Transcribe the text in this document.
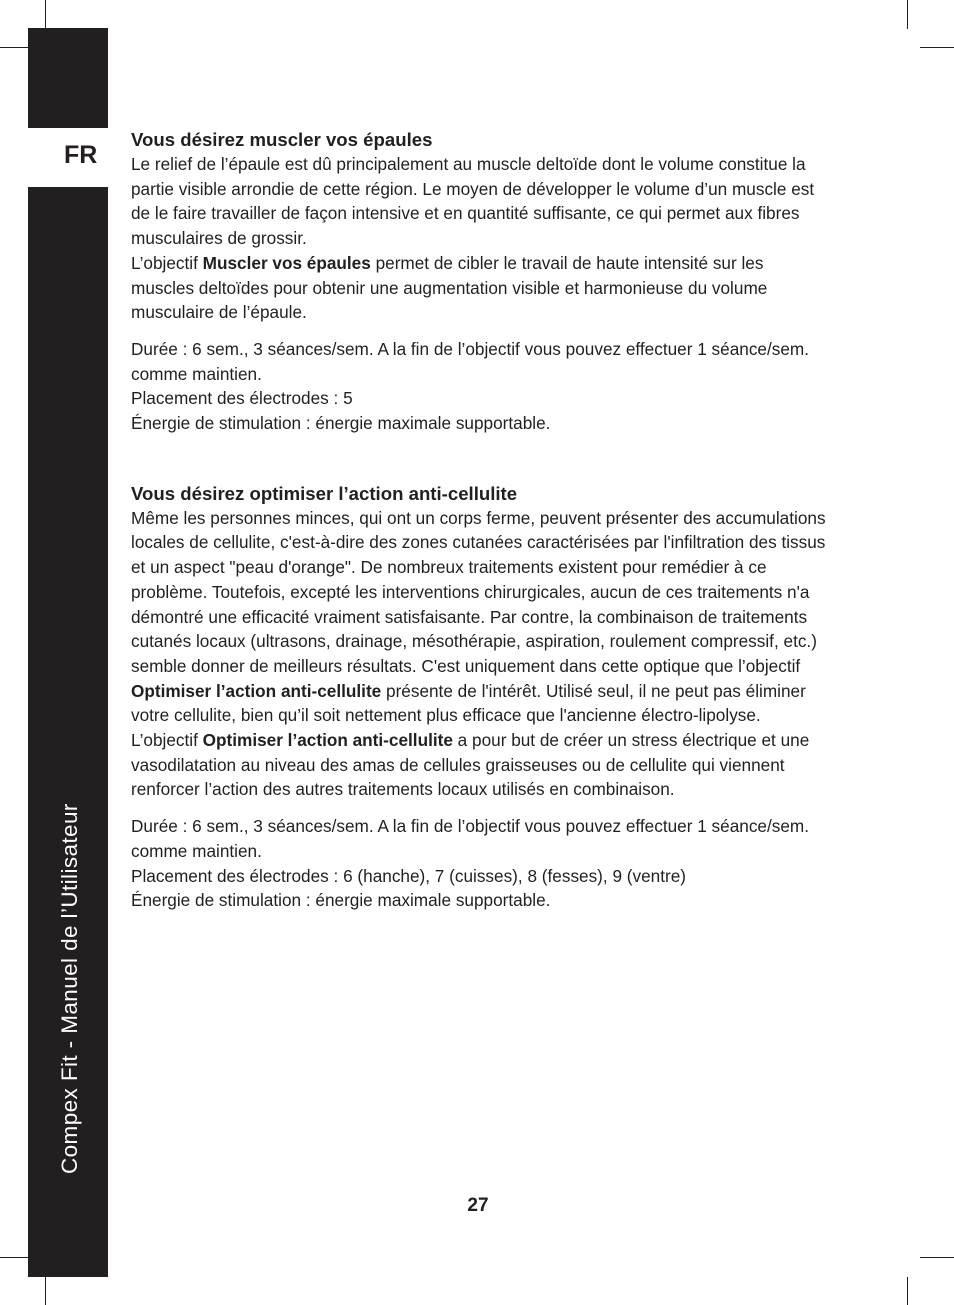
FR
Compex Fit - Manuel de l’Utilisateur
Vous désirez muscler vos épaules

Le relief de l’épaule est dû principalement au muscle deltoïde dont le volume constitue la partie visible arrondie de cette région. Le moyen de développer le volume d’un muscle est de le faire travailler de façon intensive et en quantité suffisante, ce qui permet aux fibres musculaires de grossir.
L’objectif Muscler vos épaules permet de cibler le travail de haute intensité sur les muscles deltoïdes pour obtenir une augmentation visible et harmonieuse du volume musculaire de l’épaule.

Durée : 6 sem., 3 séances/sem. A la fin de l’objectif vous pouvez effectuer 1 séance/sem. comme maintien.
Placement des électrodes : 5
Énergie de stimulation : énergie maximale supportable.

Vous désirez optimiser l’action anti-cellulite

Même les personnes minces, qui ont un corps ferme, peuvent présenter des accumulations locales de cellulite, c'est-à-dire des zones cutanées caractérisées par l'infiltration des tissus et un aspect "peau d'orange". De nombreux traitements existent pour remédier à ce problème. Toutefois, excepté les interventions chirurgicales, aucun de ces traitements n'a démontré une efficacité vraiment satisfaisante. Par contre, la combinaison de traitements cutanés locaux (ultrasons, drainage, mésothérapie, aspiration, roulement compressif, etc.) semble donner de meilleurs résultats. C'est uniquement dans cette optique que l’objectif Optimiser l’action anti-cellulite présente de l'intérêt. Utilisé seul, il ne peut pas éliminer votre cellulite, bien qu’il soit nettement plus efficace que l'ancienne électro-lipolyse.
L’objectif Optimiser l’action anti-cellulite a pour but de créer un stress électrique et une vasodilatation au niveau des amas de cellules graisseuses ou de cellulite qui viennent renforcer l’action des autres traitements locaux utilisés en combinaison.

Durée : 6 sem., 3 séances/sem. A la fin de l’objectif vous pouvez effectuer 1 séance/sem. comme maintien.
Placement des électrodes : 6 (hanche), 7 (cuisses), 8 (fesses), 9 (ventre)
Énergie de stimulation : énergie maximale supportable.

27
